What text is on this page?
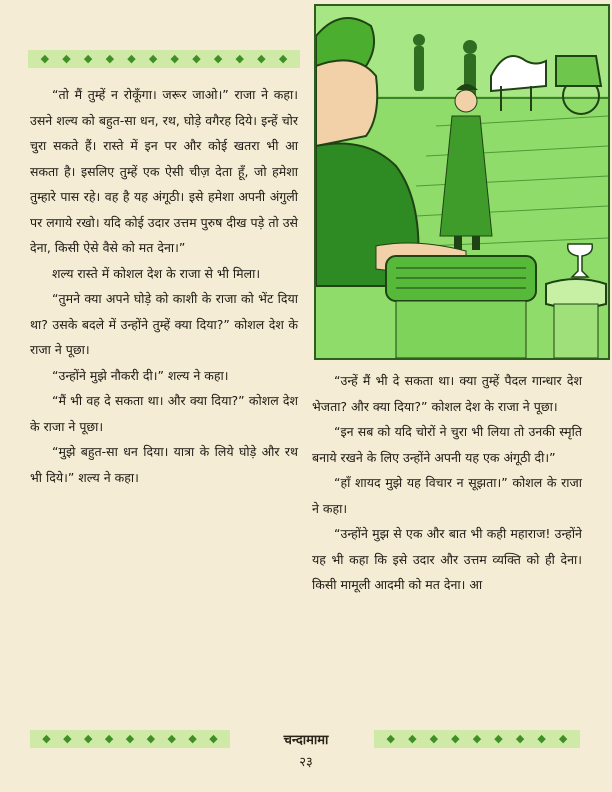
◆ ◆ ◆ ◆ ◆ ◆ ◆ ◆ ◆ ◆ ◆ ◆

“तो मैं तुम्हें न रोकूँगा। जरूर जाओ।” राजा ने कहा। उसने शल्य को बहुत-सा धन, रथ, घोड़े वगैरह दिये। इन्हें चोर चुरा सकते हैं। रास्ते में इन पर और कोई खतरा भी आ सकता है। इसलिए तुम्हें एक ऐसी चीज़ देता हूँ, जो हमेशा तुम्हारे पास रहे। वह है यह अंगूठी। इसे हमेशा अपनी अंगुली पर लगाये रखो। यदि कोई उदार उत्तम पुरुष दीख पड़े तो उसे देना, किसी ऐसे वैसे को मत देना।”

शल्य रास्ते में कोशल देश के राजा से भी मिला।

“तुमने क्या अपने घोड़े को काशी के राजा को भेंट दिया था? उसके बदले में उन्होंने तुम्हें क्या दिया?” कोशल देश के राजा ने पूछा।

“उन्होंने मुझे नौकरी दी।” शल्य ने कहा।

“मैं भी वह दे सकता था। और क्या दिया?” कोशल देश के राजा ने पूछा।

“मुझे बहुत-सा धन दिया। यात्रा के लिये घोड़े और रथ भी दिये।” शल्य ने कहा।

“उन्हें मैं भी दे सकता था। क्या तुम्हें पैदल गान्धार देश भेजता? और क्या दिया?” कोशल देश के राजा ने पूछा।

“इन सब को यदि चोरों ने चुरा भी लिया तो उनकी स्मृति बनाये रखने के लिए उन्होंने अपनी यह एक अंगूठी दी।”

“हाँ शायद मुझे यह विचार न सूझता।” कोशल के राजा ने कहा।

“उन्होंने मुझ से एक और बात भी कही महाराज! उन्होंने यह भी कहा कि इसे उदार और उत्तम व्यक्ति को ही देना। किसी मामूली आदमी को मत देना। आ

◆ ◆ ◆ ◆ ◆ ◆ ◆ ◆ ◆	◆ ◆ ◆ ◆ ◆ ◆ ◆ ◆ ◆
चन्दामामा
२३
